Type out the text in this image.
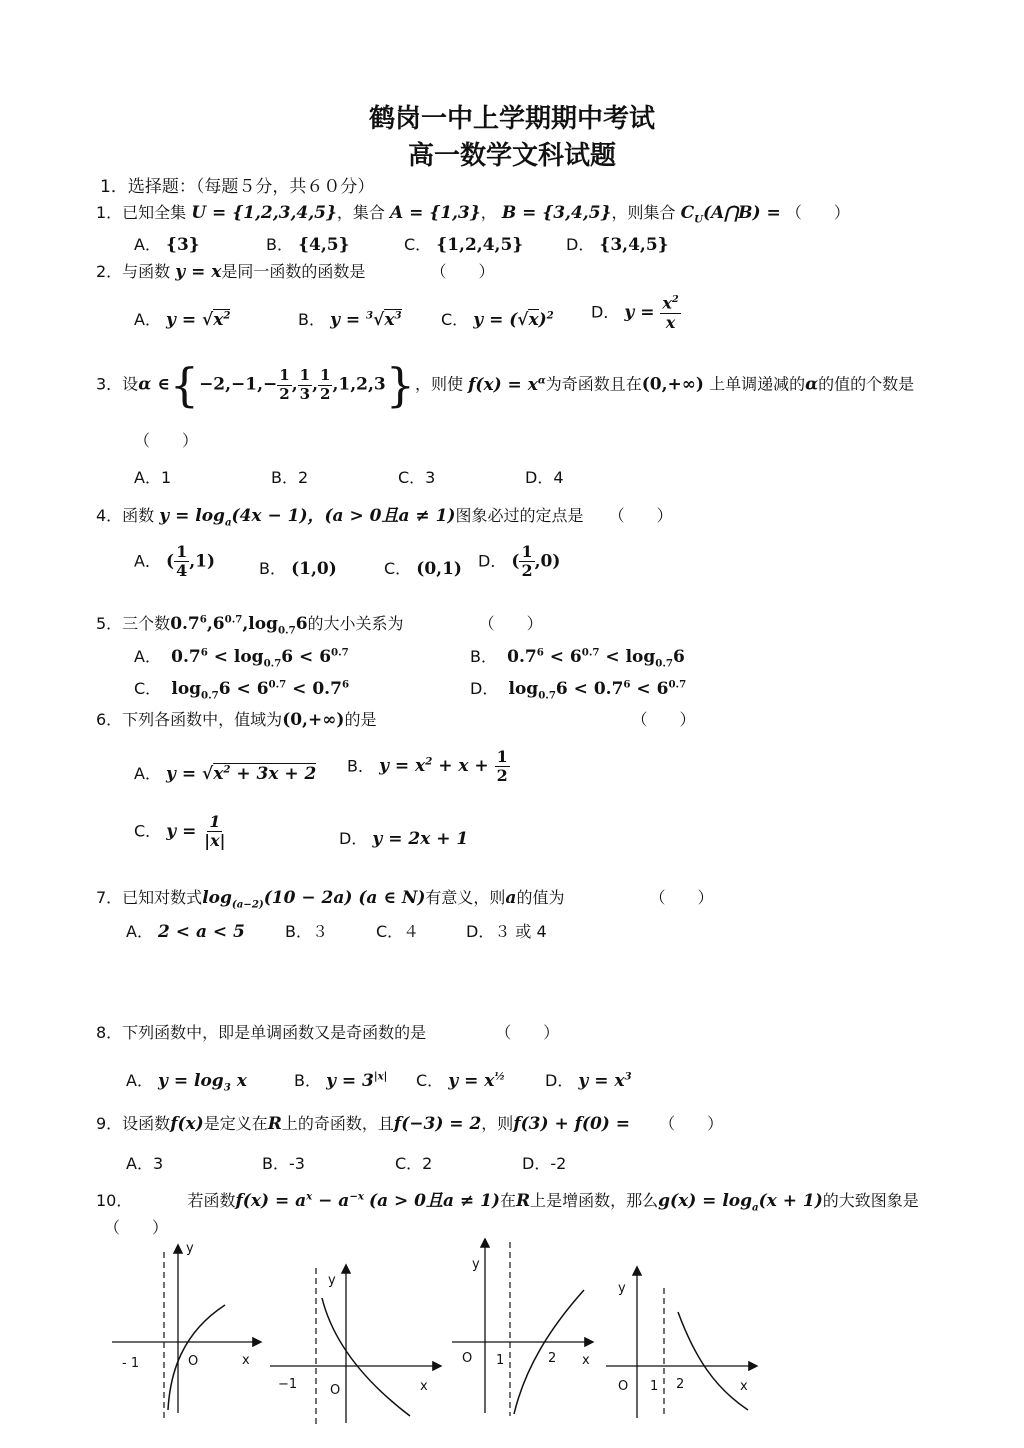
鹤岗一中上学期期中考试
高一数学文科试题
1．选择题：（每题５分，共６０分）
1．已知全集 U = {1,2,3,4,5}，集合 A = {1,3}， B = {3,4,5}，则集合 $C_U(A⋂B)$ = （　　）
A． {3}	B． {4,5}	C． {1,2,4,5}	D． {3,4,5}
2．与函数 y = x是同一函数的函数是	（　　）
A． $y = √x^2$	B． $y = ^3√x^3$ C． $y = (√x)^2$ D． $y = \frac{x^2}{x}$
3．设α ∈{−2,−1,− $\frac{1}{2}$ , $\frac{1}{3}$ , $\frac{1}{2} ,1,2,3$}，则使 $f(x) = x^\alpha$为奇函数且在(0,+∞) 上单调递减的α的值的个数是
（　　）
A．1	B．2	C．3	D．4
4．函数 $y = \log_a(4x - 1)$，(a > 0且a ≠ 1)图象必过的定点是 （　　）
A． ( $\frac{1}{4} ,1$)	B． (1,0)	C． (0,1) D． ( $\frac{1}{2} ,0$)
5．三个数$0.7^6,6^{0.7},\log_{0.7}6$的大小关系为	（　　）
A． $0.7^6 < \log_{0.7}6 < 6^{0.7}$	B． $0.7^6 < 6^{0.7} < \log_{0.7}6$
C． $\log_{0.7}6 < 6^{0.7} < 0.7^6$	D． $\log_{0.7}6 < 0.7^6 < 6^{0.7}$
6．下列各函数中，值域为(0,+∞)的是	（　　）
A． $y = √x^2 + 3x + 2$ B． $y = x^2 + x + \frac{1}{2}$
C． $y = \frac{1}{|x|}$	D． y = 2x + 1
7．已知对数式$\log_{(a-2)}(10 - 2a)$ (a ∈ N)有意义，则a的值为	（　　）
A． 2 < a < 5	B．３	C．４	D．３ 或 4
8．下列函数中，即是单调函数又是奇函数的是	（　　）
A． $y = \log_3 x$	B． $y = 3^{|x|}$ C． $y = x^{\frac{1}{2}}$ D． $y = x^3$
9．设函数f(x)是定义在R上的奇函数，且f(−3) = 2，则f(3) + f(0) = （　　）
A．3	B．-3	C．2	D．-2
10．	若函数$f(x) = a^x - a^{-x}$ (a > 0且a ≠ 1)在R上是增函数，那么$g(x) = \log_a(x + 1)$的大致图象是
（　　）
y
x
O
- 1
y
x
O
−1
y
x
O 1	2
y
x
O 1 2
